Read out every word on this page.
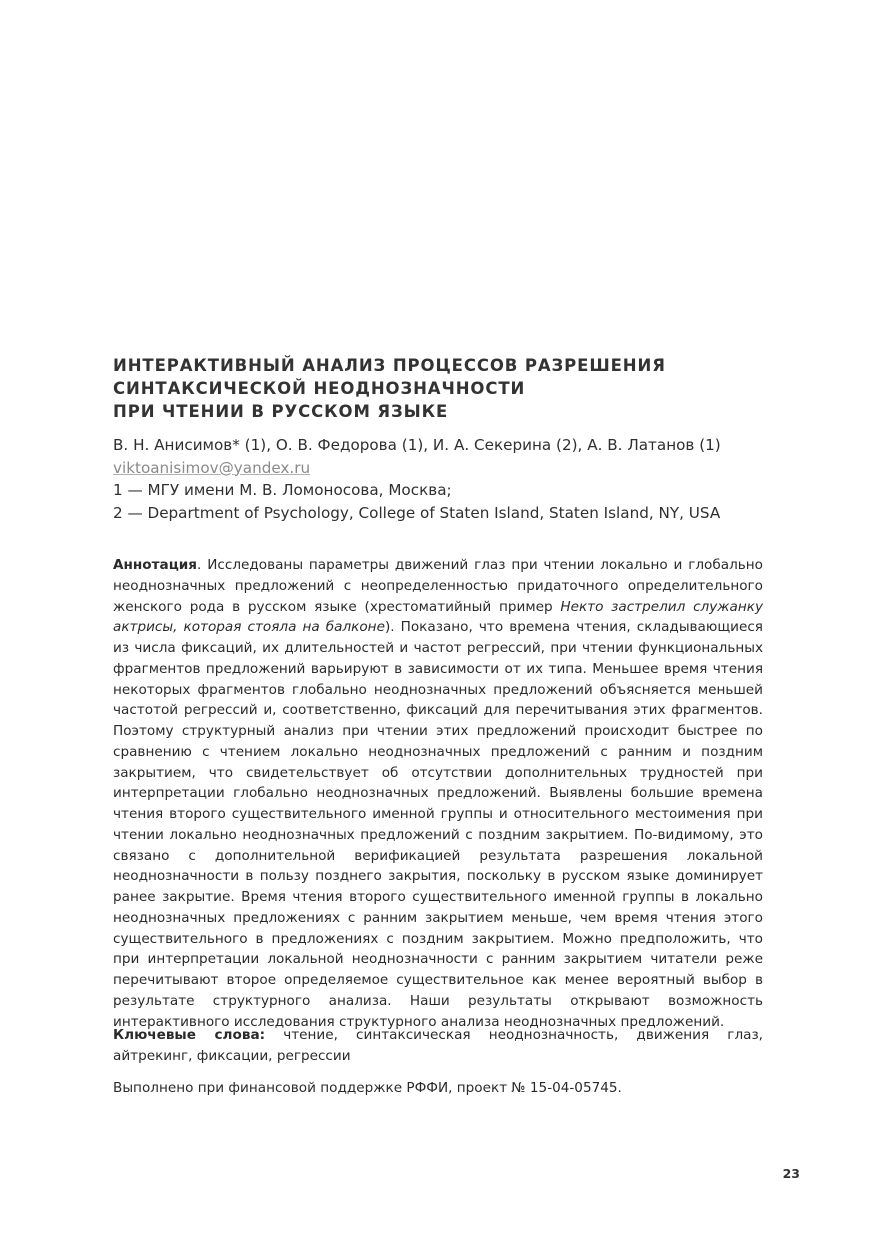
ИНТЕРАКТИВНЫЙ АНАЛИЗ ПРОЦЕССОВ РАЗРЕШЕНИЯ
СИНТАКСИЧЕСКОЙ НЕОДНОЗНАЧНОСТИ
ПРИ ЧТЕНИИ В РУССКОМ ЯЗЫКЕ
В. Н. Анисимов* (1), О. В. Федорова (1), И. А. Секерина (2), А. В. Латанов (1)
viktoanisimov@yandex.ru
1 — МГУ имени М. В. Ломоносова, Москва;
2 — Department of Psychology, College of Staten Island, Staten Island, NY, USA

Аннотация. Исследованы параметры движений глаз при чтении локально и глобально неоднозначных предложений с неопределенностью придаточного определительного женского рода в русском языке (хрестоматийный пример Некто застрелил служанку актрисы, которая стояла на балконе). Показано, что времена чтения, складывающиеся из числа фиксаций, их длительностей и частот регрессий, при чтении функциональных фрагментов предложений варьируют в зависимости от их типа. Меньшее время чтения некоторых фрагментов глобально неоднозначных предложений объясняется меньшей частотой регрессий и, соответственно, фиксаций для перечитывания этих фрагментов. Поэтому структурный анализ при чтении этих предложений происходит быстрее по сравнению с чтением локально неоднозначных предложений с ранним и поздним закрытием, что свидетельствует об отсутствии дополнительных трудностей при интерпретации глобально неоднозначных предложений. Выявлены большие времена чтения второго существительного именной группы и относительного местоимения при чтении локально неоднозначных предложений с поздним закрытием. По-видимому, это связано с дополнительной верификацией результата разрешения локальной неоднозначности в пользу позднего закрытия, поскольку в русском языке доминирует ранее закрытие. Время чтения второго существительного именной группы в локально неоднозначных предложениях с ранним закрытием меньше, чем время чтения этого существительного в предложениях с поздним закрытием. Можно предположить, что при интерпретации локальной неоднозначности с ранним закрытием читатели реже перечитывают второе определяемое существительное как менее вероятный выбор в результате структурного анализа. Наши результаты открывают возможность интерактивного исследования структурного анализа неоднозначных предложений.

Ключевые слова: чтение, синтаксическая неоднозначность, движения глаз, айтрекинг, фиксации, регрессии

Выполнено при финансовой поддержке РФФИ, проект № 15-04-05745.

23
